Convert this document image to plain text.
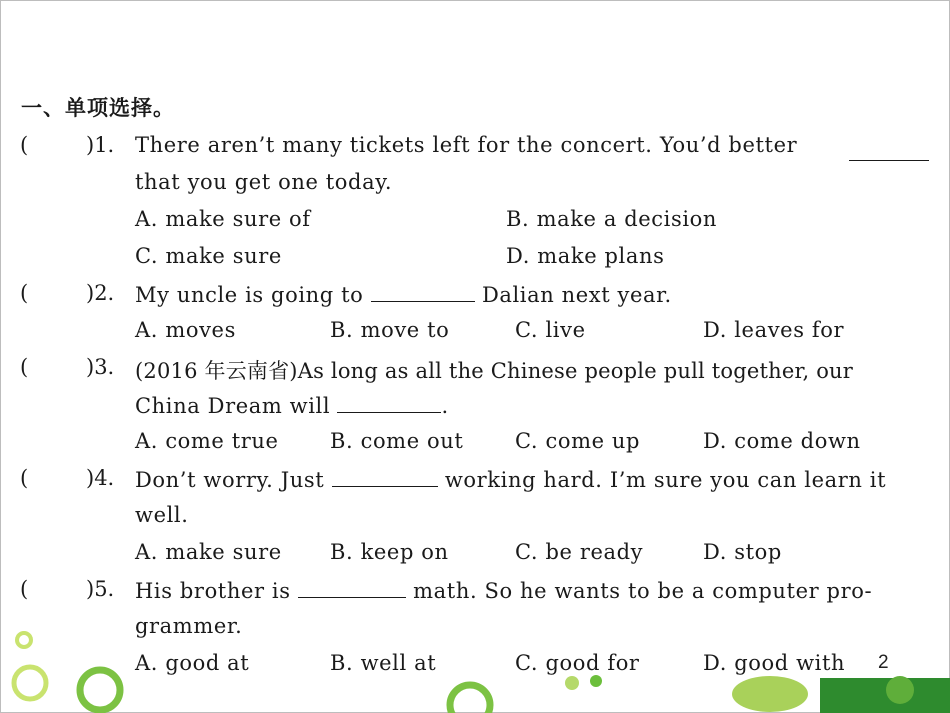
一、单项选择。
(	)1. There aren’t many tickets left for the concert. You’d better
that you get one today.
A. make sure of	B. make a decision
C. make sure	D. make plans
(	)2. My uncle is going to	Dalian next year.
A. moves	B. move to	C. live	D. leaves for
(	)3. (2016 年云南省)As long as all the Chinese people pull together, our
China Dream will	.
A. come true B. come out C. come up	D. come down
(	)4. Don’t worry. Just	working hard. I’m sure you can learn it
well.
A. make sure B. keep on	C. be ready	D. stop
(	)5. His brother is	math. So he wants to be a computer pro-
grammer.
A. good at	B. well at	C. good for	D. good with 2
